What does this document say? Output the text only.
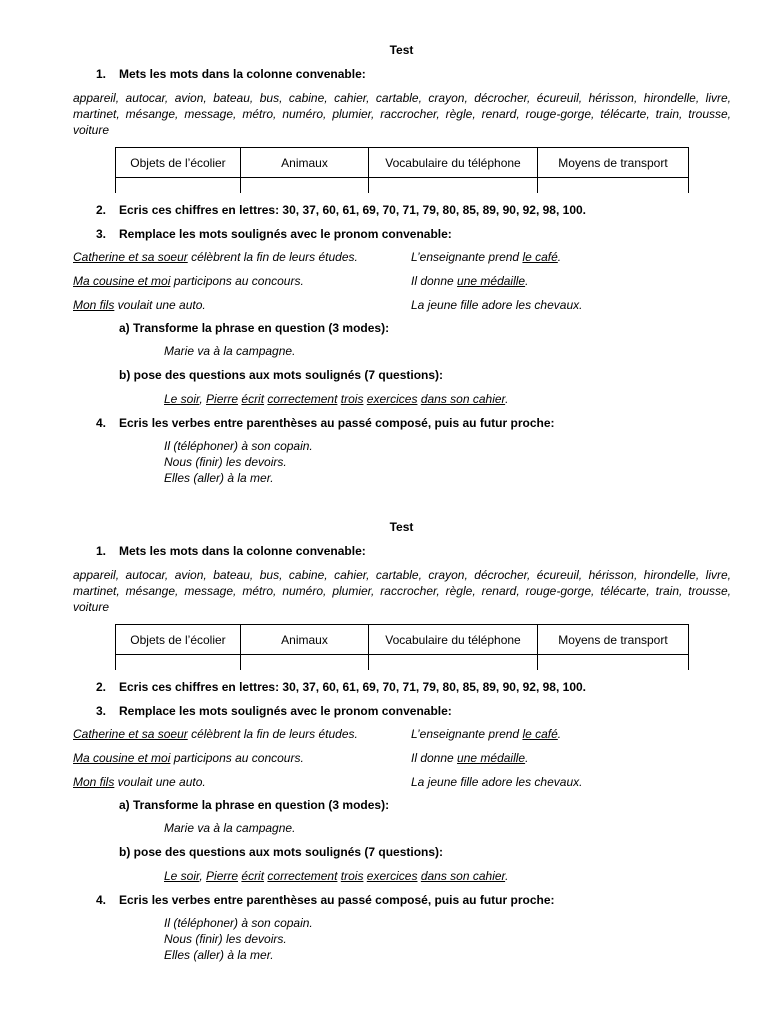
Test
1. Mets les mots dans la colonne convenable:
appareil, autocar, avion, bateau, bus, cabine, cahier, cartable, crayon, décrocher, écureuil, hérisson, hirondelle, livre, martinet, mésange, message, métro, numéro, plumier, raccrocher, règle, renard, rouge-gorge, télécarte, train, trousse, voiture
Objets de l’écolier	Animaux	Vocabulaire du téléphone	Moyens de transport

2. Ecris ces chiffres en lettres: 30, 37, 60, 61, 69, 70, 71, 79, 80, 85, 89, 90, 92, 98, 100.
3. Remplace les mots soulignés avec le pronom convenable:
Catherine et sa soeur célèbrent la fin de leurs études.	L’enseignante prend le café.
Ma cousine et moi participons au concours.	Il donne une médaille.
Mon fils voulait une auto.	La jeune fille adore les chevaux.
a) Transforme la phrase en question (3 modes):
Marie va à la campagne.
b) pose des questions aux mots soulignés (7 questions):
Le soir, Pierre écrit correctement trois exercices dans son cahier.
4. Ecris les verbes entre parenthèses au passé composé, puis au futur proche:
Il (téléphoner) à son copain.
Nous (finir) les devoirs.
Elles (aller) à la mer.
Test
1. Mets les mots dans la colonne convenable:
appareil, autocar, avion, bateau, bus, cabine, cahier, cartable, crayon, décrocher, écureuil, hérisson, hirondelle, livre, martinet, mésange, message, métro, numéro, plumier, raccrocher, règle, renard, rouge-gorge, télécarte, train, trousse, voiture
Objets de l’écolier	Animaux	Vocabulaire du téléphone	Moyens de transport

2. Ecris ces chiffres en lettres: 30, 37, 60, 61, 69, 70, 71, 79, 80, 85, 89, 90, 92, 98, 100.
3. Remplace les mots soulignés avec le pronom convenable:
Catherine et sa soeur célèbrent la fin de leurs études.	L’enseignante prend le café.
Ma cousine et moi participons au concours.	Il donne une médaille.
Mon fils voulait une auto.	La jeune fille adore les chevaux.
a) Transforme la phrase en question (3 modes):
Marie va à la campagne.
b) pose des questions aux mots soulignés (7 questions):
Le soir, Pierre écrit correctement trois exercices dans son cahier.
4. Ecris les verbes entre parenthèses au passé composé, puis au futur proche:
Il (téléphoner) à son copain.
Nous (finir) les devoirs.
Elles (aller) à la mer.
